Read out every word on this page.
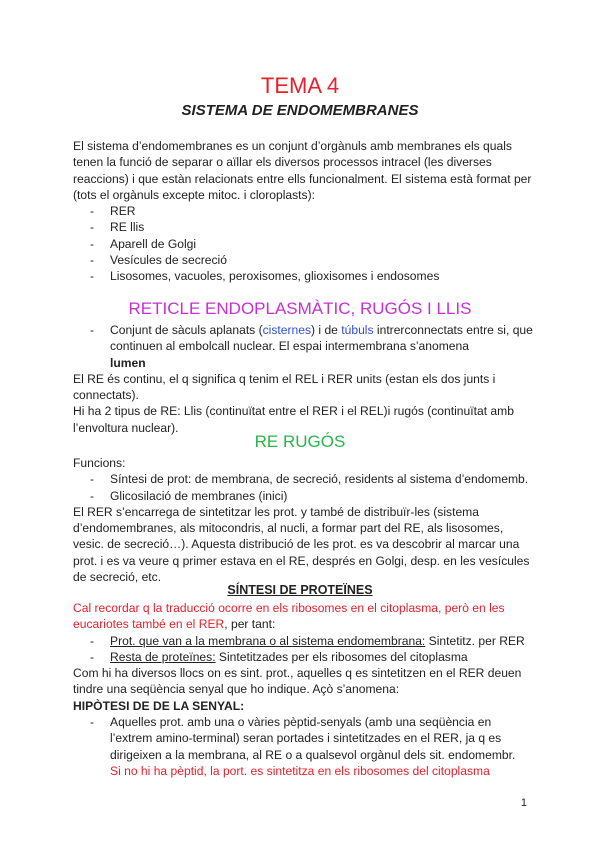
TEMA 4
SISTEMA DE ENDOMEMBRANES

El sistema d’endomembranes es un conjunt d’orgànuls amb membranes els quals tenen la funció de separar o aïllar els diversos processos intracel (les diverses reaccions) i que estàn relacionats entre ells funcionalment. El sistema està format per (tots el orgànuls excepte mitoc. i cloroplasts):

- RER
- RE llis
- Aparell de Golgi
- Vesícules de secreció
- Lisosomes, vacuoles, peroxisomes, glioxisomes i endosomes
RETICLE ENDOPLASMÀTIC, RUGÓS I LLIS
- Conjunt de sàculs aplanats (cisternes) i de túbuls intrerconnectats entre si, que continuen al embolcall nuclear. El espai intermembrana s’anomena
lumen

El RE és continu, el q significa q tenim el REL i RER units (estan els dos junts i connectats).

Hi ha 2 tipus de RE: Llis (continuïtat entre el RER i el REL)i rugós (continuïtat amb l’envoltura nuclear).

RE RUGÓS

Funcions:

- Síntesi de prot: de membrana, de secreció, residents al sistema d’endomemb.
- Glicosilació de membranes (inici)

El RER s’encarrega de sintetitzar les prot. y també de distribuïr-les (sistema d’endomembranes, als mitocondris, al nucli, a formar part del RE, als lisosomes, vesic. de secreció…). Aquesta distribució de les prot. es va descobrir al marcar una prot. i es va veure q primer estava en el RE, després en Golgi, desp. en les vesícules de secreció, etc.

SÍNTESI DE PROTEÏNES

Cal recordar q la traducció ocorre en els ribosomes en el citoplasma, però en les eucariotes també en el RER, per tant:

- Prot. que van a la membrana o al sistema endomembrana: Sintetitz. per RER
- Resta de proteïnes: Sintetitzades per els ribosomes del citoplasma

Com hi ha diversos llocs on es sint. prot., aquelles q es sintetitzen en el RER deuen tindre una seqüència senyal que ho indique. Açò s’anomena:

HIPÒTESI DE DE LA SENYAL:

- Aquelles prot. amb una o vàries pèptid-senyals (amb una seqüència en l’extrem amino-terminal) seran portades i sintetitzades en el RER, ja q es dirigeixen a la membrana, al RE o a qualsevol orgànul dels sit. endomembr.
Si no hi ha pèptid, la port. es sintetitza en els ribosomes del citoplasma
1
